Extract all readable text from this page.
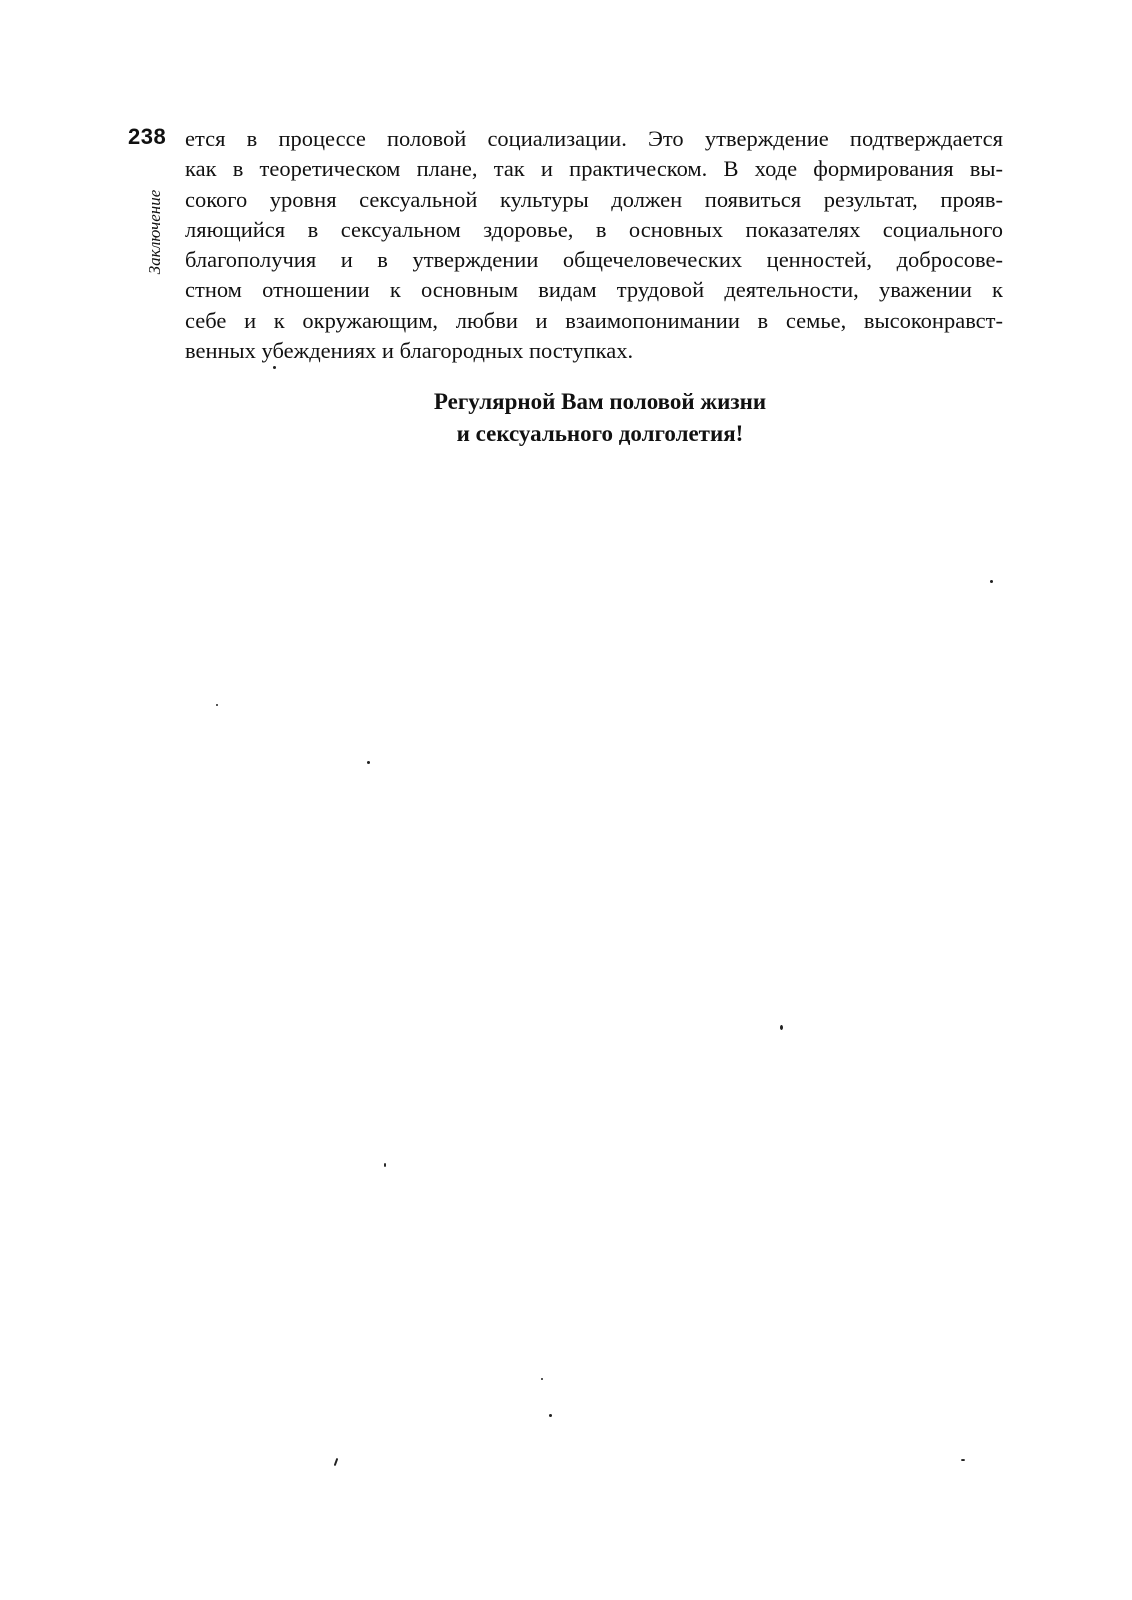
238
Заключение
ется в процессе половой социализации. Это утверждение подтверждается
как в теоретическом плане, так и практическом. В ходе формирования вы-
сокого уровня сексуальной культуры должен появиться результат, прояв-
ляющийся в сексуальном здоровье, в основных показателях социального
благополучия и в утверждении общечеловеческих ценностей, добросове-
стном отношении к основным видам трудовой деятельности, уважении к
себе и к окружающим, любви и взаимопонимании в семье, высоконравст-
венных убеждениях и благородных поступках.
Регулярной Вам половой жизни
и сексуального долголетия!
